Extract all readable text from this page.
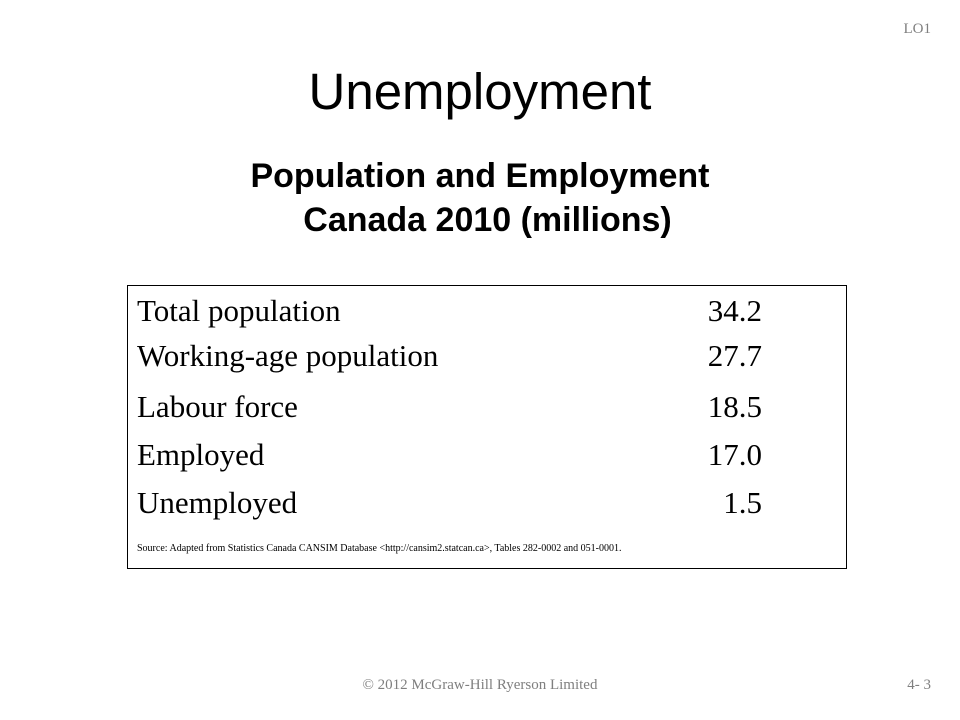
LO1
Unemployment
Population and Employment
Canada 2010 (millions)
Total population	34.2
Working-age population	27.7
Labour force	18.5
Employed	17.0
Unemployed	1.5
Source: Adapted from Statistics Canada CANSIM Database <http://cansim2.statcan.ca>, Tables 282-0002 and 051-0001.
© 2012 McGraw-Hill Ryerson Limited	4- 3
